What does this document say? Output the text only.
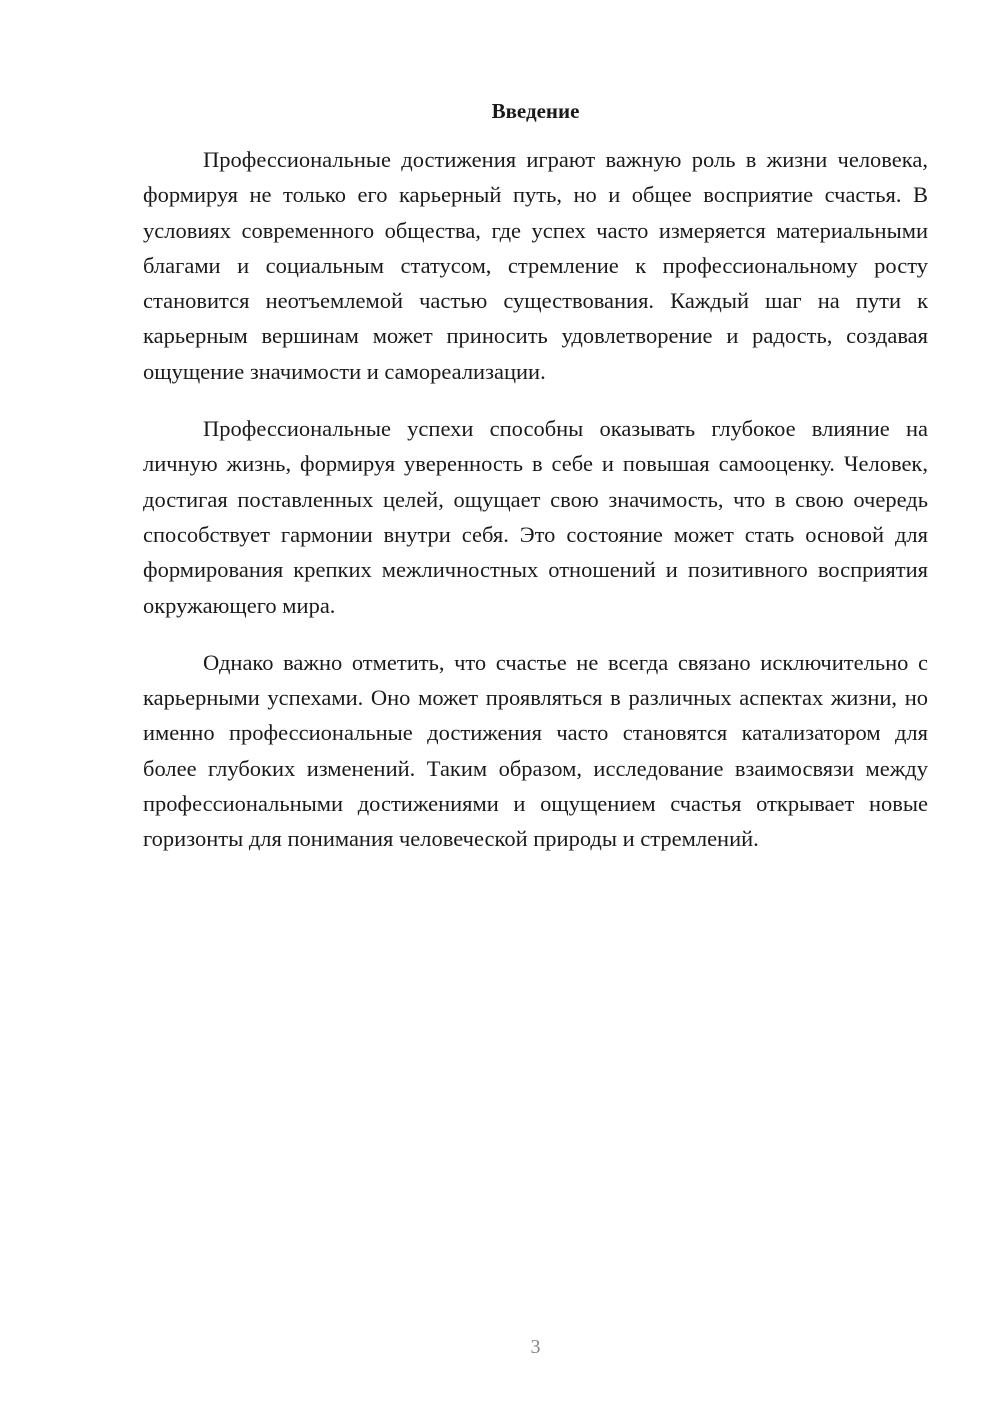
Введение

Профессиональные достижения играют важную роль в жизни человека, формируя не только его карьерный путь, но и общее восприятие счастья. В условиях современного общества, где успех часто измеряется материальными благами и социальным статусом, стремление к профессиональному росту становится неотъемлемой частью существования. Каждый шаг на пути к карьерным вершинам может приносить удовлетворение и радость, создавая ощущение значимости и самореализации.

Профессиональные успехи способны оказывать глубокое влияние на личную жизнь, формируя уверенность в себе и повышая самооценку. Человек, достигая поставленных целей, ощущает свою значимость, что в свою очередь способствует гармонии внутри себя. Это состояние может стать основой для формирования крепких межличностных отношений и позитивного восприятия окружающего мира.

Однако важно отметить, что счастье не всегда связано исключительно с карьерными успехами. Оно может проявляться в различных аспектах жизни, но именно профессиональные достижения часто становятся катализатором для более глубоких изменений. Таким образом, исследование взаимосвязи между профессиональными достижениями и ощущением счастья открывает новые горизонты для понимания человеческой природы и стремлений.

3
